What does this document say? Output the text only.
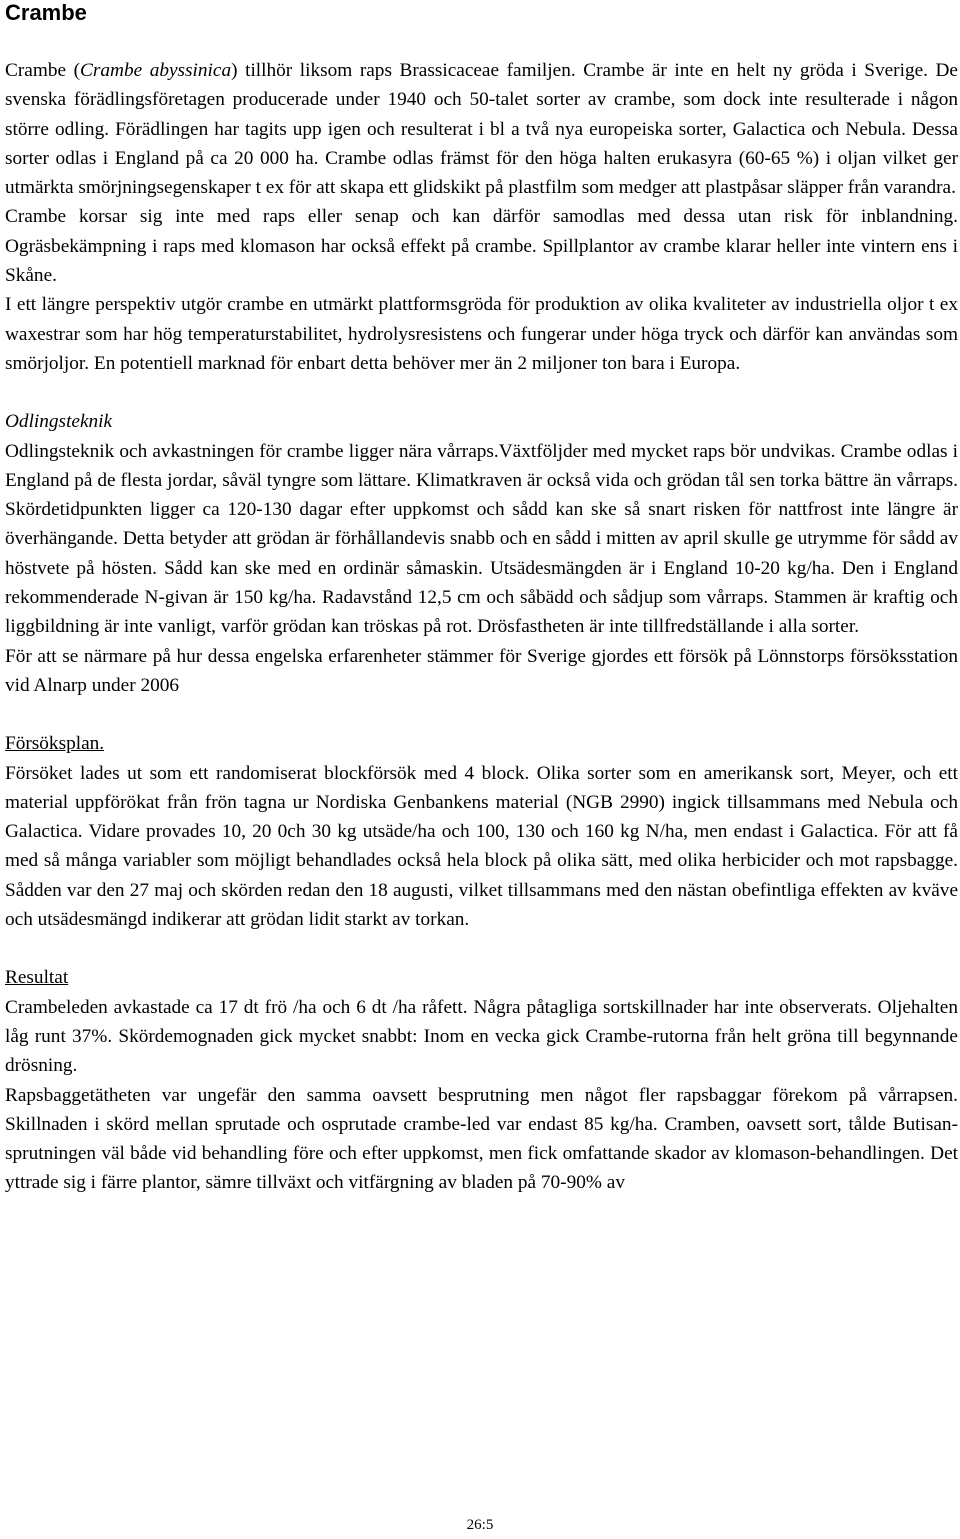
Crambe

Crambe (Crambe abyssinica) tillhör liksom raps Brassicaceae familjen. Crambe är inte en helt ny gröda i Sverige. De svenska förädlingsföretagen producerade under 1940 och 50-talet sorter av crambe, som dock inte resulterade i någon större odling. Förädlingen har tagits upp igen och resulterat i bl a två nya europeiska sorter, Galactica och Nebula. Dessa sorter odlas i England på ca 20 000 ha. Crambe odlas främst för den höga halten erukasyra (60-65 %) i oljan vilket ger utmärkta smörjningsegenskaper t ex för att skapa ett glidskikt på plastfilm som medger att plastpåsar släpper från varandra.

Crambe korsar sig inte med raps eller senap och kan därför samodlas med dessa utan risk för inblandning. Ogräsbekämpning i raps med klomason har också effekt på crambe. Spillplantor av crambe klarar heller inte vintern ens i Skåne.

I ett längre perspektiv utgör crambe en utmärkt plattformsgröda för produktion av olika kvaliteter av industriella oljor t ex waxestrar som har hög temperaturstabilitet, hydrolysresistens och fungerar under höga tryck och därför kan användas som smörjoljor. En potentiell marknad för enbart detta behöver mer än 2 miljoner ton bara i Europa.

Odlingsteknik

Odlingsteknik och avkastningen för crambe ligger nära vårraps.Växtföljder med mycket raps bör undvikas. Crambe odlas i England på de flesta jordar, såväl tyngre som lättare. Klimatkraven är också vida och grödan tål sen torka bättre än vårraps. Skördetidpunkten ligger ca 120-130 dagar efter uppkomst och sådd kan ske så snart risken för nattfrost inte längre är överhängande. Detta betyder att grödan är förhållandevis snabb och en sådd i mitten av april skulle ge utrymme för sådd av höstvete på hösten. Sådd kan ske med en ordinär såmaskin. Utsädesmängden är i England 10-20 kg/ha. Den i England rekommenderade N-givan är 150 kg/ha. Radavstånd 12,5 cm och såbädd och sådjup som vårraps. Stammen är kraftig och liggbildning är inte vanligt, varför grödan kan tröskas på rot. Drösfastheten är inte tillfredställande i alla sorter.

För att se närmare på hur dessa engelska erfarenheter stämmer för Sverige gjordes ett försök på Lönnstorps försöksstation vid Alnarp under 2006

Försöksplan.

Försöket lades ut som ett randomiserat blockförsök med 4 block. Olika sorter som en amerikansk sort, Meyer, och ett material uppförökat från frön tagna ur Nordiska Genbankens material (NGB 2990) ingick tillsammans med Nebula och Galactica. Vidare provades 10, 20 0ch 30 kg utsäde/ha och 100, 130 och 160 kg N/ha, men endast i Galactica. För att få med så många variabler som möjligt behandlades också hela block på olika sätt, med olika herbicider och mot rapsbagge. Sådden var den 27 maj och skörden redan den 18 augusti, vilket tillsammans med den nästan obefintliga effekten av kväve och utsädesmängd indikerar att grödan lidit starkt av torkan.

Resultat

Crambeleden avkastade ca 17 dt frö /ha och 6 dt /ha råfett. Några påtagliga sortskillnader har inte observerats. Oljehalten låg runt 37%. Skördemognaden gick mycket snabbt: Inom en vecka gick Crambe-rutorna från helt gröna till begynnande drösning.

Rapsbaggetätheten var ungefär den samma oavsett besprutning men något fler rapsbaggar förekom på vårrapsen. Skillnaden i skörd mellan sprutade och osprutade crambe-led var endast 85 kg/ha. Cramben, oavsett sort, tålde Butisan-sprutningen väl både vid behandling före och efter uppkomst, men fick omfattande skador av klomason-behandlingen. Det yttrade sig i färre plantor, sämre tillväxt och vitfärgning av bladen på 70-90% av

26:5
